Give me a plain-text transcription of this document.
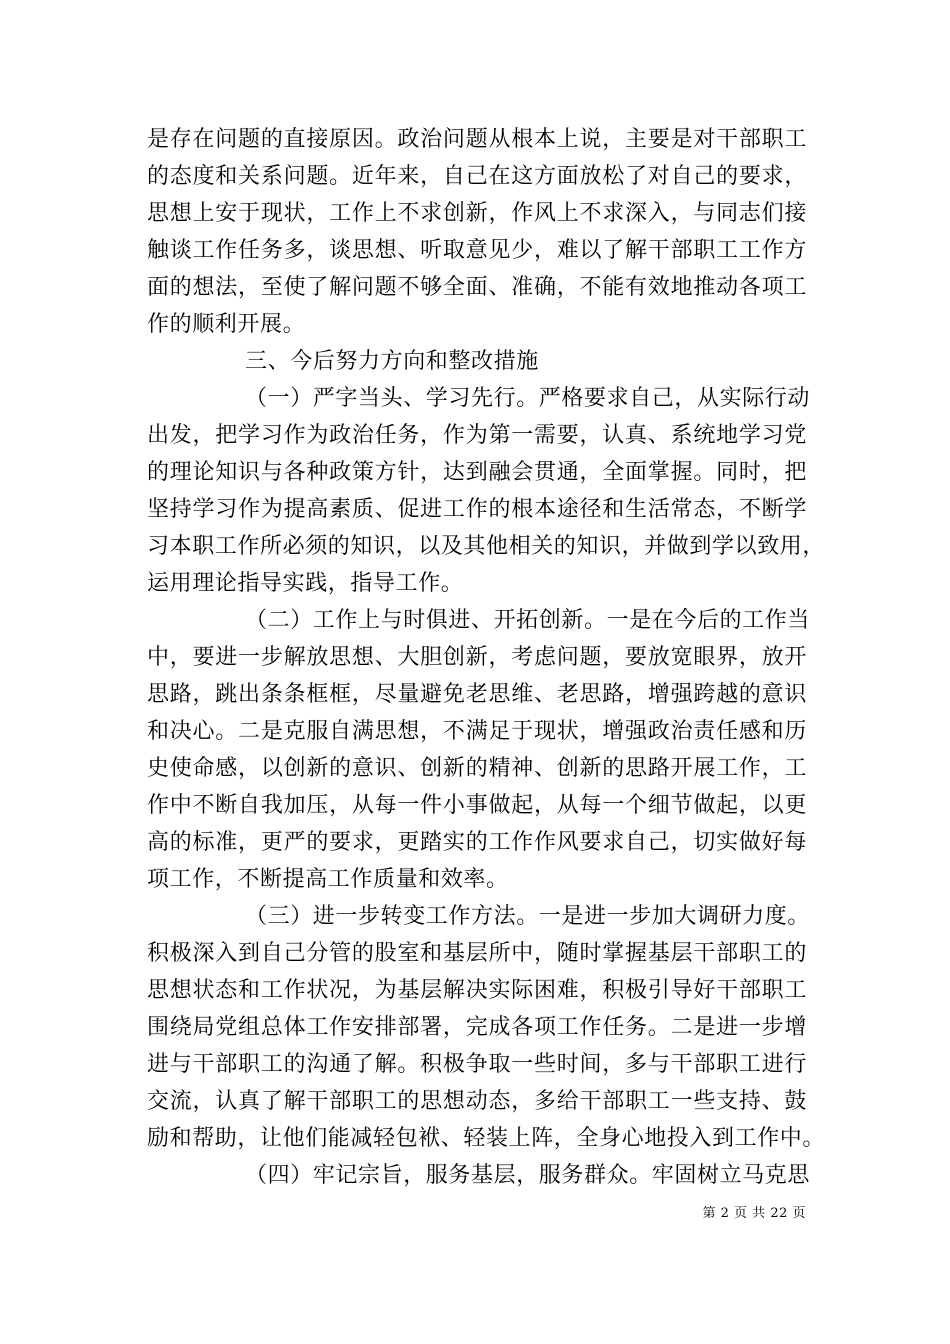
是存在问题的直接原因。政治问题从根本上说，主要是对干部职工
的态度和关系问题。近年来，自己在这方面放松了对自己的要求，
思想上安于现状，工作上不求创新，作风上不求深入，与同志们接
触谈工作任务多，谈思想、听取意见少，难以了解干部职工工作方
面的想法，至使了解问题不够全面、准确，不能有效地推动各项工
作的顺利开展。
三、今后努力方向和整改措施
（一）严字当头、学习先行。严格要求自己，从实际行动
出发，把学习作为政治任务，作为第一需要，认真、系统地学习党
的理论知识与各种政策方针，达到融会贯通，全面掌握。同时，把
坚持学习作为提高素质、促进工作的根本途径和生活常态，不断学
习本职工作所必须的知识，以及其他相关的知识，并做到学以致用，
运用理论指导实践，指导工作。
（二）工作上与时俱进、开拓创新。一是在今后的工作当
中，要进一步解放思想、大胆创新，考虑问题，要放宽眼界，放开
思路，跳出条条框框，尽量避免老思维、老思路，增强跨越的意识
和决心。二是克服自满思想，不满足于现状，增强政治责任感和历
史使命感，以创新的意识、创新的精神、创新的思路开展工作，工
作中不断自我加压，从每一件小事做起，从每一个细节做起，以更
高的标准，更严的要求，更踏实的工作作风要求自己，切实做好每
项工作，不断提高工作质量和效率。
（三）进一步转变工作方法。一是进一步加大调研力度。
积极深入到自己分管的股室和基层所中，随时掌握基层干部职工的
思想状态和工作状况，为基层解决实际困难，积极引导好干部职工
围绕局党组总体工作安排部署，完成各项工作任务。二是进一步增
进与干部职工的沟通了解。积极争取一些时间，多与干部职工进行
交流，认真了解干部职工的思想动态，多给干部职工一些支持、鼓
励和帮助，让他们能减轻包袱、轻装上阵，全身心地投入到工作中。
（四）牢记宗旨，服务基层，服务群众。牢固树立马克思
第 2 页 共 22 页
